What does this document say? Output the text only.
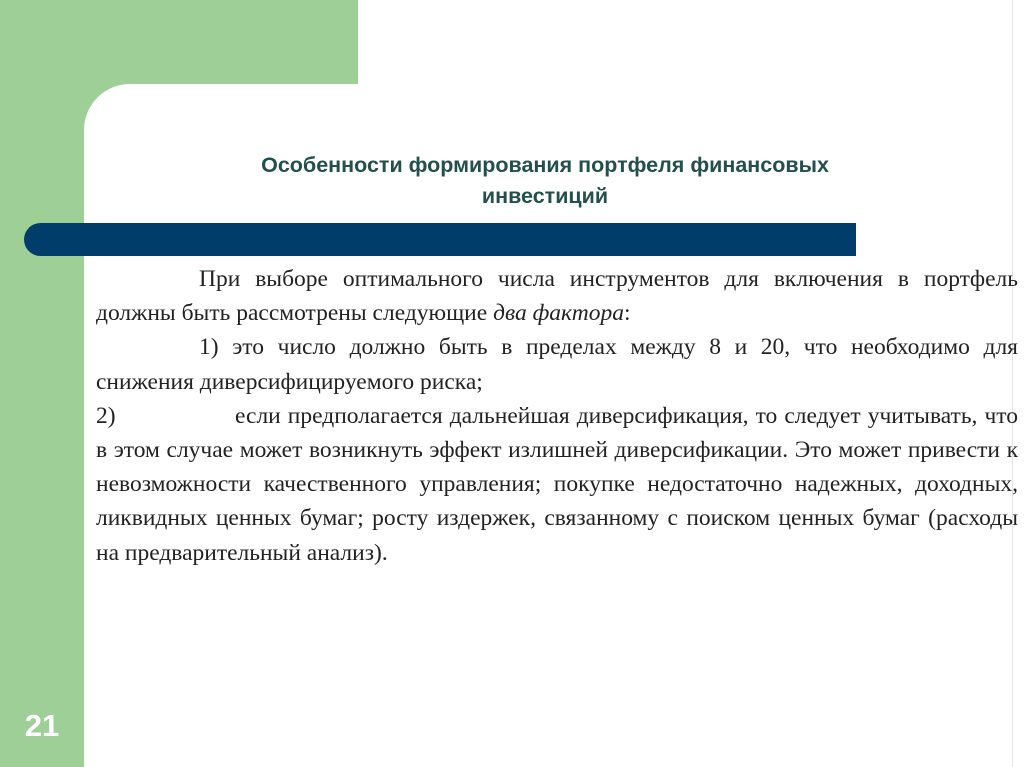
Особенности формирования портфеля финансовых
инвестиций

При выборе оптимального числа инструментов для включения в портфель должны быть рассмотрены следующие два фактора:

1) это число должно быть в пределах между 8 и 20, что необходимо для снижения диверсифицируемого риска;

2)	если предполагается дальнейшая диверсификация, то следует учитывать, что в этом случае может возникнуть эффект излишней диверсификации. Это может привести к невозможности качественного управления; покупке недостаточно надежных, доходных, ликвидных ценных бумаг; росту издержек, связанному с поиском ценных бумаг (расходы на предварительный анализ).

21
